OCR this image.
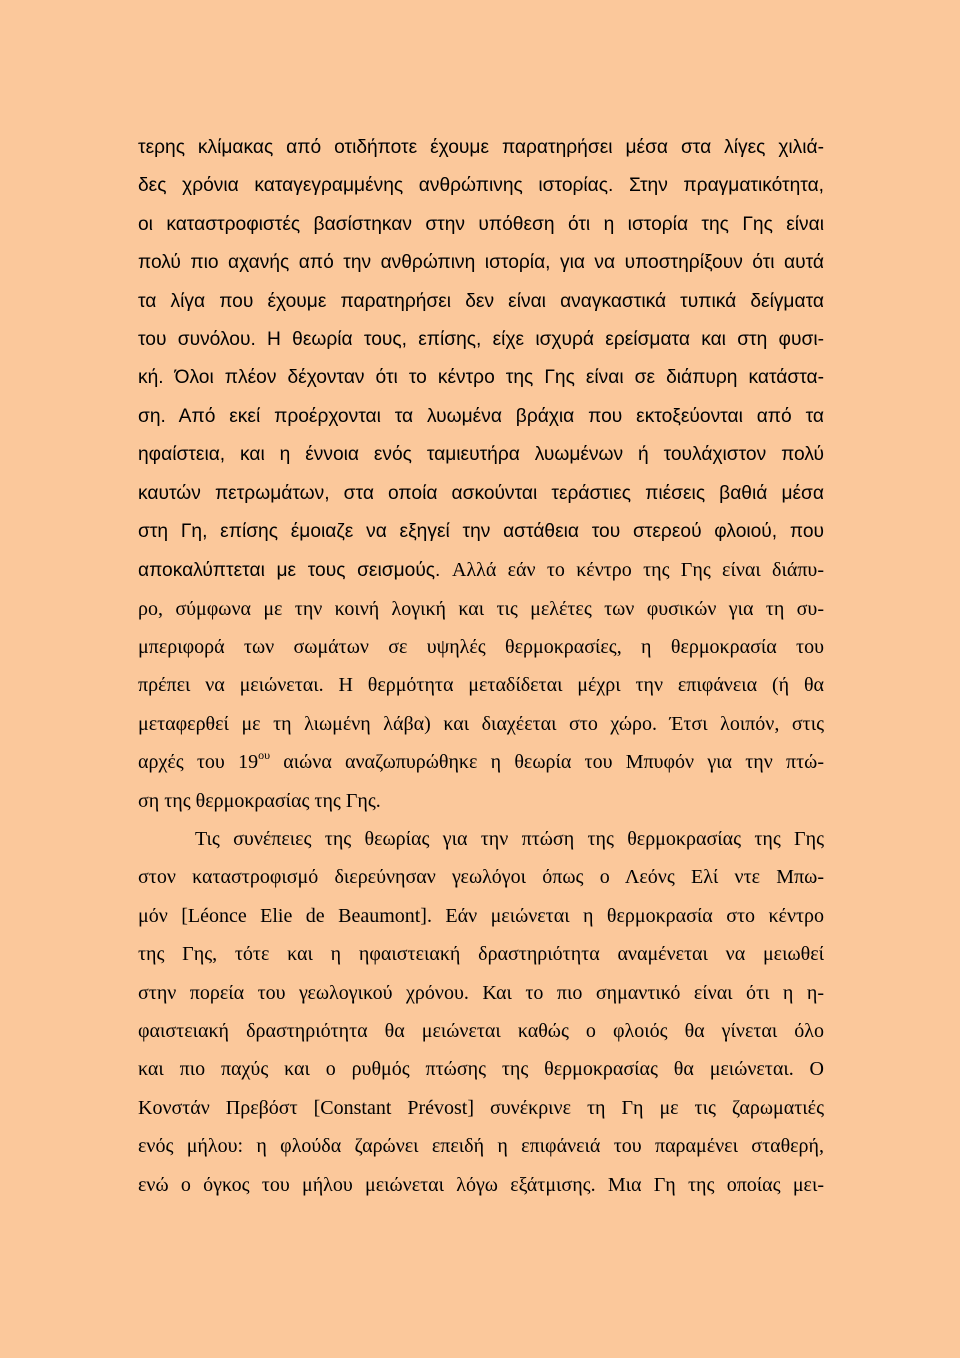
τερης κλίμακας από οτιδήποτε έχουμε παρατηρήσει μέσα στα λίγες χιλιά-
δες χρόνια καταγεγραμμένης ανθρώπινης ιστορίας. Στην πραγματικότητα,
οι καταστροφιστές βασίστηκαν στην υπόθεση ότι η ιστορία της Γης είναι
πολύ πιο αχανής από την ανθρώπινη ιστορία, για να υποστηρίξουν ότι αυτά
τα λίγα που έχουμε παρατηρήσει δεν είναι αναγκαστικά τυπικά δείγματα
του συνόλου. Η θεωρία τους, επίσης, είχε ισχυρά ερείσματα και στη φυσι-
κή. Όλοι πλέον δέχονταν ότι το κέντρο της Γης είναι σε διάπυρη κατάστα-
ση. Από εκεί προέρχονται τα λυωμένα βράχια που εκτοξεύονται από τα
ηφαίστεια, και η έννοια ενός ταμιευτήρα λυωμένων ή τουλάχιστον πολύ
καυτών πετρωμάτων, στα οποία ασκούνται τεράστιες πιέσεις βαθιά μέσα
στη Γη, επίσης έμοιαζε να εξηγεί την αστάθεια του στερεού φλοιού, που
αποκαλύπτεται με τους σεισμούς. Αλλά εάν το κέντρο της Γης είναι διάπυ-
ρο, σύμφωνα με την κοινή λογική και τις μελέτες των φυσικών για τη συ-
μπεριφορά των σωμάτων σε υψηλές θερμοκρασίες, η θερμοκρασία του
πρέπει να μειώνεται. Η θερμότητα μεταδίδεται μέχρι την επιφάνεια (ή θα
μεταφερθεί με τη λιωμένη λάβα) και διαχέεται στο χώρο. Έτσι λοιπόν, στις
αρχές του $19^{o\upsilon}$ αιώνα αναζωπυρώθηκε η θεωρία του Μπυφόν για την πτώ-
ση της θερμοκρασίας της Γης.
Τις συνέπειες της θεωρίας για την πτώση της θερμοκρασίας της Γης
στον καταστροφισμό διερεύνησαν γεωλόγοι όπως ο Λεόνς Ελί ντε Μπω-
μόν [Léonce Elie de Beaumont]. Εάν μειώνεται η θερμοκρασία στο κέντρο
της Γης, τότε και η ηφαιστειακή δραστηριότητα αναμένεται να μειωθεί
στην πορεία του γεωλογικού χρόνου. Και το πιο σημαντικό είναι ότι η η-
φαιστειακή δραστηριότητα θα μειώνεται καθώς ο φλοιός θα γίνεται όλο
και πιο παχύς και ο ρυθμός πτώσης της θερμοκρασίας θα μειώνεται. Ο
Κονστάν Πρεβόστ [Constant Prévost] συνέκρινε τη Γη με τις ζαρωματιές
ενός μήλου: η φλούδα ζαρώνει επειδή η επιφάνειά του παραμένει σταθερή,
ενώ ο όγκος του μήλου μειώνεται λόγω εξάτμισης. Μια Γη της οποίας μει-
